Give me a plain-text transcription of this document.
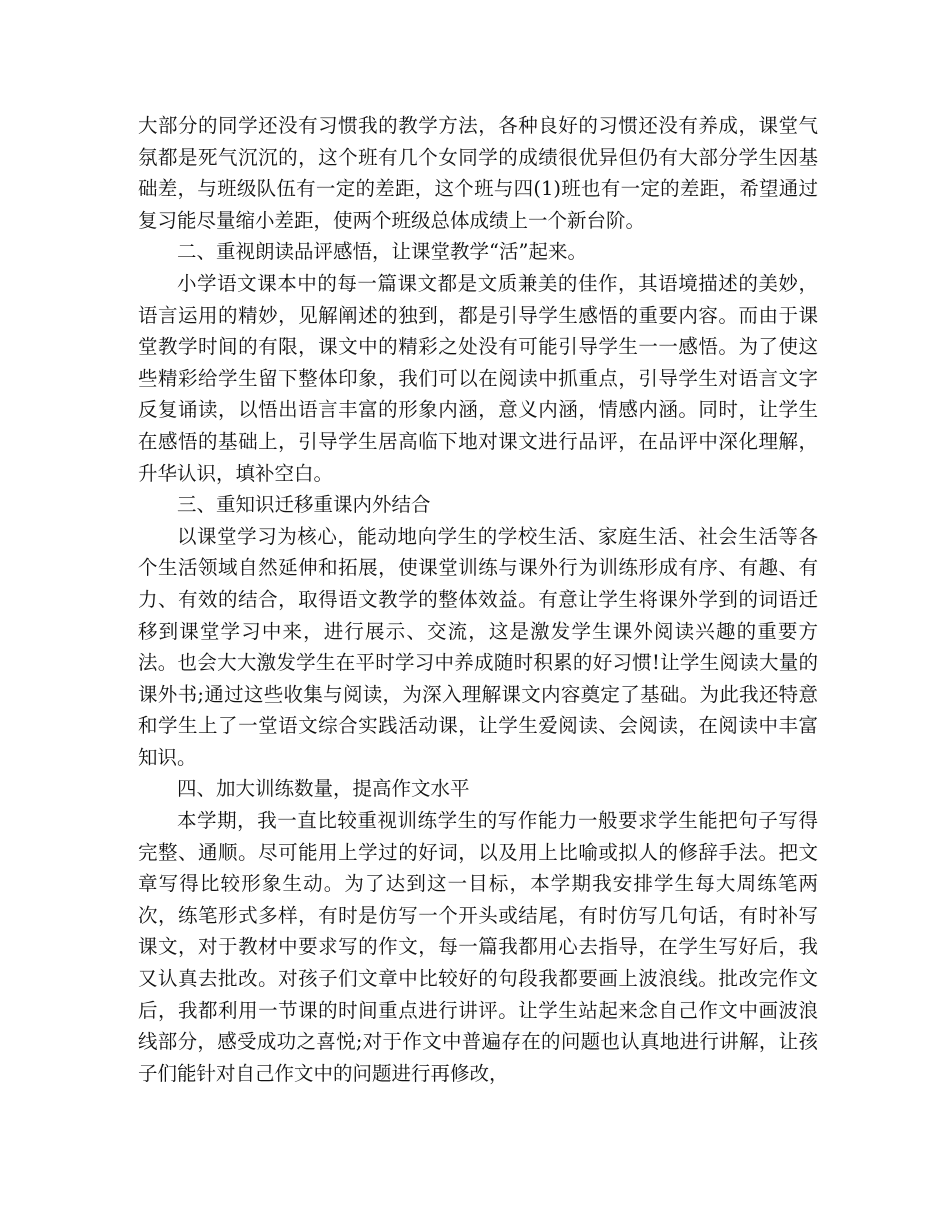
大部分的同学还没有习惯我的教学方法，各种良好的习惯还没有养成，课堂气氛都是死气沉沉的，这个班有几个女同学的成绩很优异但仍有大部分学生因基础差，与班级队伍有一定的差距，这个班与四(1)班也有一定的差距，希望通过复习能尽量缩小差距，使两个班级总体成绩上一个新台阶。

二、重视朗读品评感悟，让课堂教学“活”起来。

小学语文课本中的每一篇课文都是文质兼美的佳作，其语境描述的美妙，语言运用的精妙，见解阐述的独到，都是引导学生感悟的重要内容。而由于课堂教学时间的有限，课文中的精彩之处没有可能引导学生一一感悟。为了使这些精彩给学生留下整体印象，我们可以在阅读中抓重点，引导学生对语言文字反复诵读，以悟出语言丰富的形象内涵，意义内涵，情感内涵。同时，让学生在感悟的基础上，引导学生居高临下地对课文进行品评，在品评中深化理解，升华认识，填补空白。

三、重知识迁移重课内外结合

以课堂学习为核心，能动地向学生的学校生活、家庭生活、社会生活等各个生活领域自然延伸和拓展，使课堂训练与课外行为训练形成有序、有趣、有力、有效的结合，取得语文教学的整体效益。有意让学生将课外学到的词语迁移到课堂学习中来，进行展示、交流，这是激发学生课外阅读兴趣的重要方法。也会大大激发学生在平时学习中养成随时积累的好习惯!让学生阅读大量的课外书;通过这些收集与阅读，为深入理解课文内容奠定了基础。为此我还特意和学生上了一堂语文综合实践活动课，让学生爱阅读、会阅读，在阅读中丰富知识。

四、加大训练数量，提高作文水平

本学期，我一直比较重视训练学生的写作能力一般要求学生能把句子写得完整、通顺。尽可能用上学过的好词，以及用上比喻或拟人的修辞手法。把文章写得比较形象生动。为了达到这一目标，本学期我安排学生每大周练笔两次，练笔形式多样，有时是仿写一个开头或结尾，有时仿写几句话，有时补写课文，对于教材中要求写的作文，每一篇我都用心去指导，在学生写好后，我又认真去批改。对孩子们文章中比较好的句段我都要画上波浪线。批改完作文后，我都利用一节课的时间重点进行讲评。让学生站起来念自己作文中画波浪线部分，感受成功之喜悦;对于作文中普遍存在的问题也认真地进行讲解，让孩子们能针对自己作文中的问题进行再修改，
